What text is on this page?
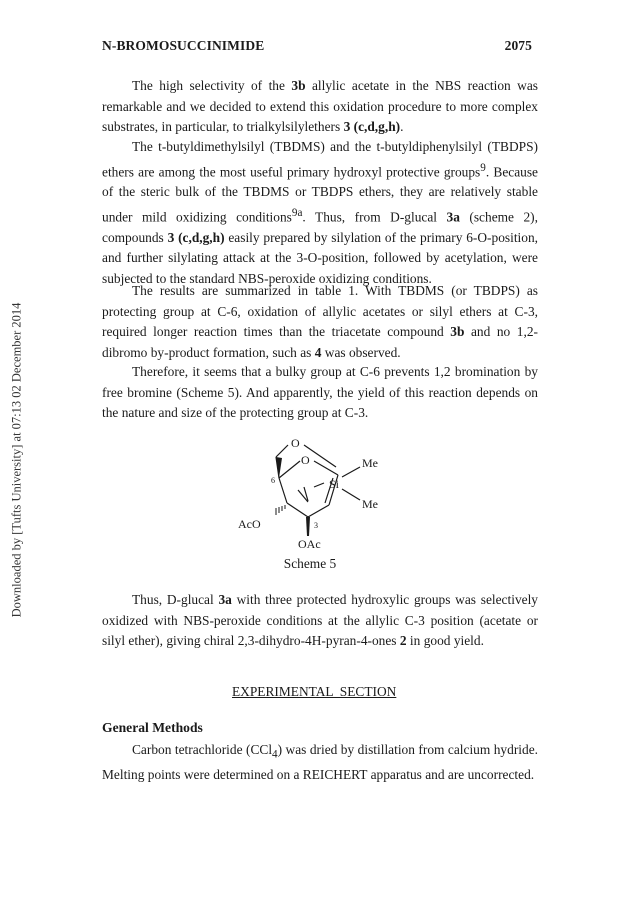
Downloaded by [Tufts University] at 07:13 02 December 2014
N-BROMOSUCCINIMIDE	2075

The high selectivity of the 3b allylic acetate in the NBS reaction was remarkable and we decided to extend this oxidation procedure to more complex substrates, in particular, to trialkylsilylethers 3 (c,d,g,h).

The t-butyldimethylsilyl (TBDMS) and the t-butyldiphenylsilyl (TBDPS) ethers are among the most useful primary hydroxyl protective groups$^9$. Because of the steric bulk of the TBDMS or TBDPS ethers, they are relatively stable under mild oxidizing conditions$^{9a}$. Thus, from D-glucal 3a (scheme 2), compounds 3 (c,d,g,h) easily prepared by silylation of the primary 6-O-position, and further silylating attack at the 3-O-position, followed by acetylation, were subjected to the standard NBS-peroxide oxidizing conditions.

The results are summarized in table 1. With TBDMS (or TBDPS) as protecting group at C-6, oxidation of allylic acetates or silyl ethers at C-3, required longer reaction times than the triacetate compound 3b and no 1,2-dibromo by-product formation, such as 4 was observed.

Therefore, it seems that a bulky group at C-6 prevents 1,2 bromination by free bromine (Scheme 5). And apparently, the yield of this reaction depends on the nature and size of the protecting group at C-3.

O
O
Si
Me
Me
6
3
AcO
OAc
Scheme 5

Thus, D-glucal 3a with three protected hydroxylic groups was selectively oxidized with NBS-peroxide conditions at the allylic C-3 position (acetate or silyl ether), giving chiral 2,3-dihydro-4H-pyran-4-ones 2 in good yield.

EXPERIMENTAL  SECTION
General Methods

Carbon tetrachloride (CCl$_4$) was dried by distillation from calcium hydride. Melting points were determined on a REICHERT apparatus and are uncorrected.
